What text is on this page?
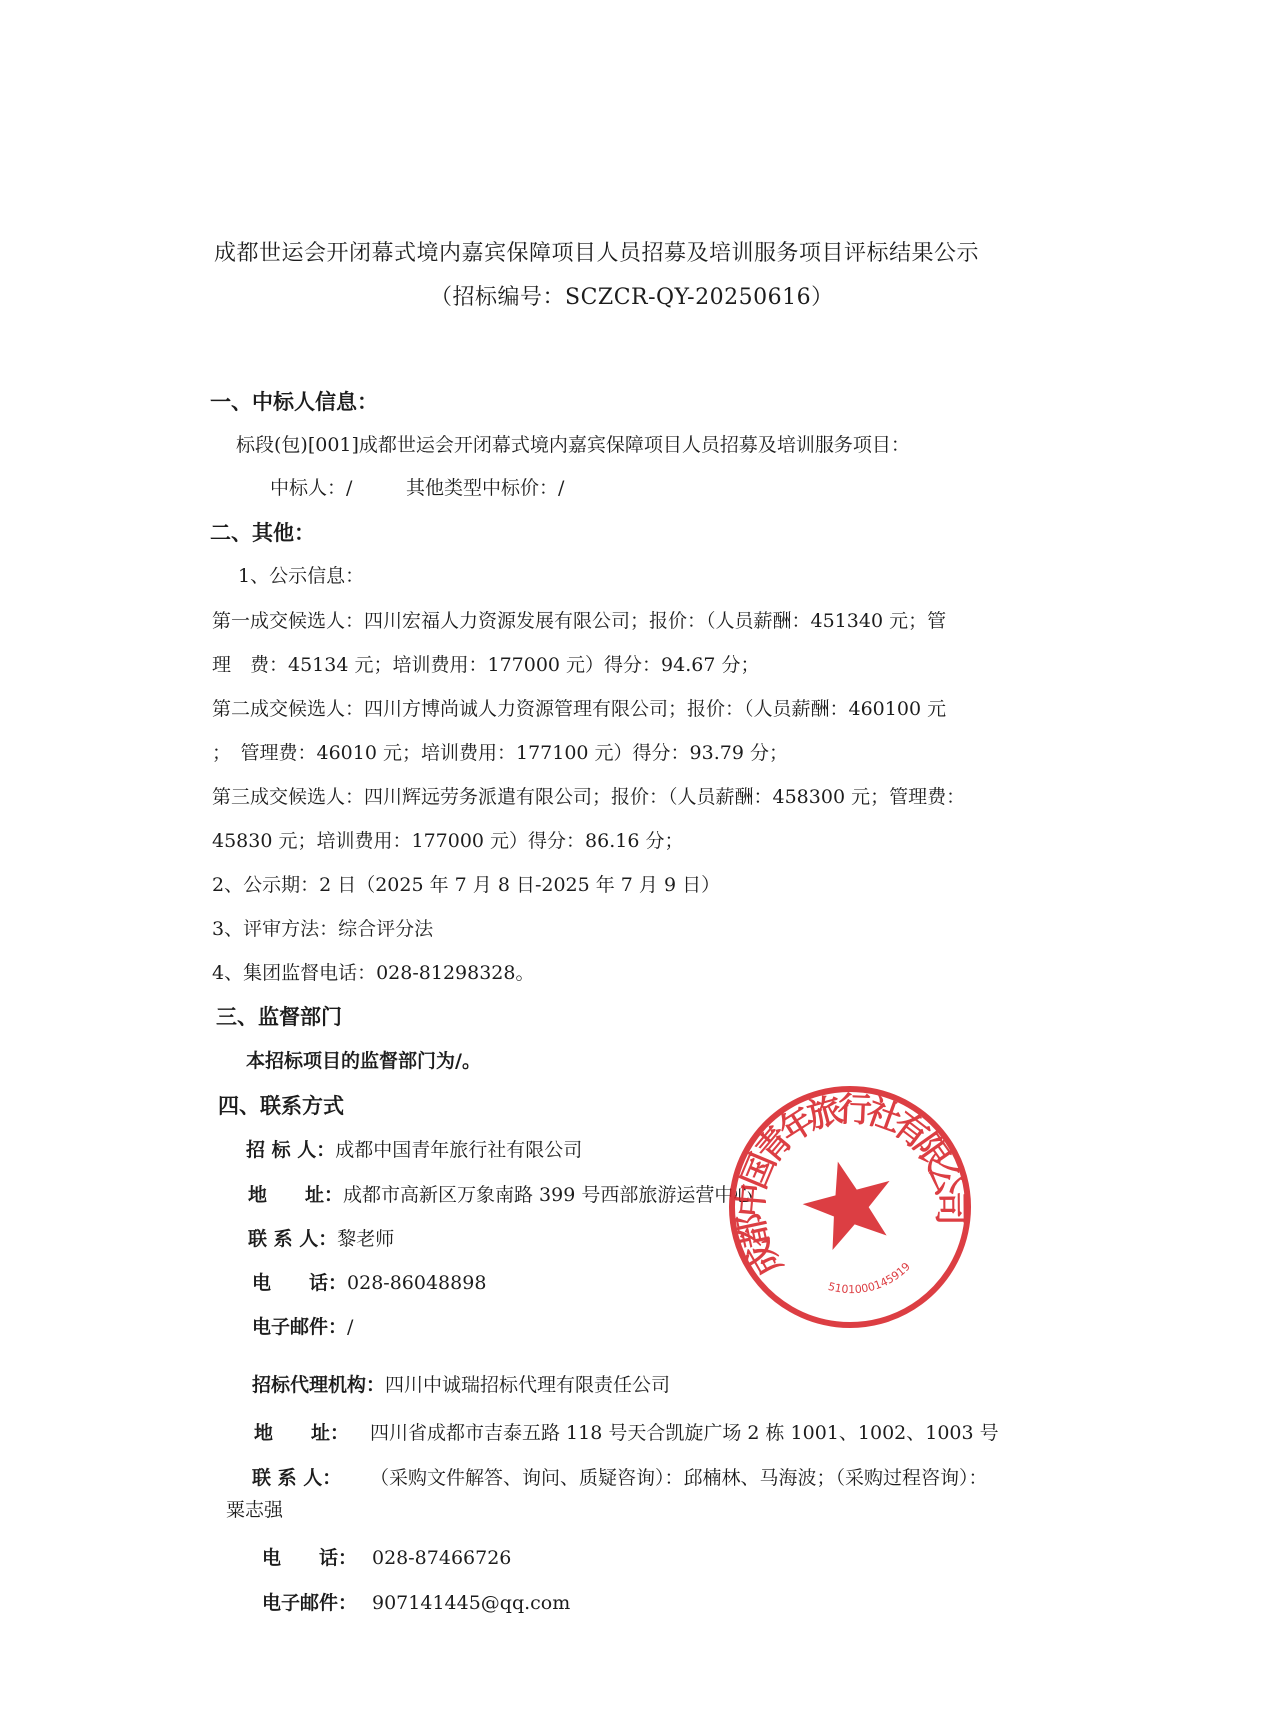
成都世运会开闭幕式境内嘉宾保障项目人员招募及培训服务项目评标结果公示
（招标编号：SCZCR-QY-20250616）
一、中标人信息：
标段(包)[001]成都世运会开闭幕式境内嘉宾保障项目人员招募及培训服务项目：
中标人：/	其他类型中标价：/
二、其他：
1、公示信息：
第一成交候选人：四川宏福人力资源发展有限公司；报价：（人员薪酬：451340 元；管
理　费：45134 元；培训费用：177000 元）得分：94.67 分；
第二成交候选人：四川方博尚诚人力资源管理有限公司；报价：（人员薪酬：460100 元
；　管理费：46010 元；培训费用：177100 元）得分：93.79 分；
第三成交候选人：四川辉远劳务派遣有限公司；报价：（人员薪酬：458300 元；管理费：
45830 元；培训费用：177000 元）得分：86.16 分；
2、公示期：2 日（2025 年 7 月 8 日-2025 年 7 月 9 日）
3、评审方法：综合评分法
4、集团监督电话：028-81298328。
三、监督部门
本招标项目的监督部门为/。
四、联系方式
招 标 人：成都中国青年旅行社有限公司
地　　址：成都市高新区万象南路 399 号西部旅游运营中心
联 系 人：黎老师
电　　话：028-86048898
电子邮件：/
招标代理机构：四川中诚瑞招标代理有限责任公司
地　　址： 四川省成都市吉泰五路 118 号天合凯旋广场 2 栋 1001、1002、1003 号
联 系 人： （采购文件解答、询问、质疑咨询）：邱楠林、马海波；（采购过程咨询）：
粟志强
电　　话： 028-87466726
电子邮件： 907141445@qq.com
成都中国青年旅行社有限公司
5101000145919
